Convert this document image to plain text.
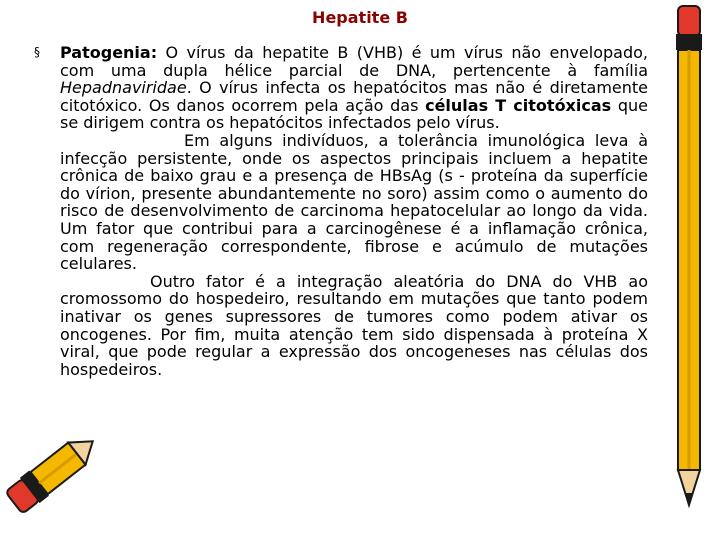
Hepatite B
§ Patogenia: O vírus da hepatite B (VHB) é um vírus não envelopado, com uma dupla hélice parcial de DNA, pertencente à família Hepadnaviridae. O vírus infecta os hepatócitos mas não é diretamente citotóxico. Os danos ocorrem pela ação das células T citotóxicas que se dirigem contra os hepatócitos infectados pelo vírus.

Em alguns indivíduos, a tolerância imunológica leva à infecção persistente, onde os aspectos principais incluem a hepatite crônica de baixo grau e a presença de HBsAg (s - proteína da superfície do vírion, presente abundantemente no soro) assim como o aumento do risco de desenvolvimento de carcinoma hepatocelular ao longo da vida. Um fator que contribui para a carcinogênese é a inflamação crônica, com regeneração correspondente, fibrose e acúmulo de mutações celulares.

Outro fator é a integração aleatória do DNA do VHB ao cromossomo do hospedeiro, resultando em mutações que tanto podem inativar os genes supressores de tumores como podem ativar os oncogenes. Por fim, muita atenção tem sido dispensada à proteína X viral, que pode regular a expressão dos oncogeneses nas células dos hospedeiros.
